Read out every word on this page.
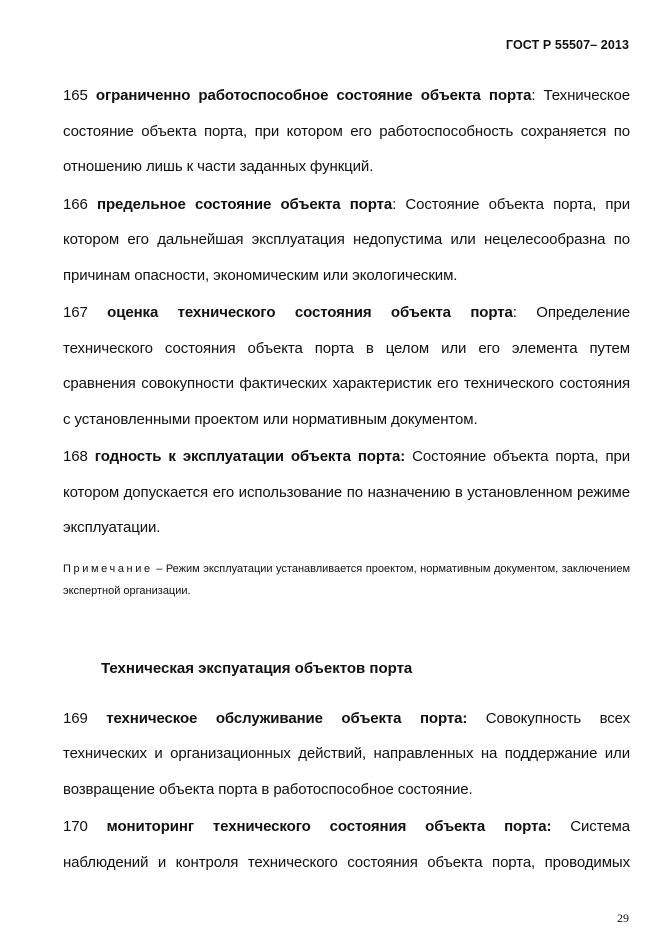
ГОСТ Р 55507– 2013

165 ограниченно работоспособное состояние объекта порта: Техническое состояние объекта порта, при котором его работоспособность сохраняется по отношению лишь к части заданных функций.

166 предельное состояние объекта порта: Состояние объекта порта, при котором его дальнейшая эксплуатация недопустима или нецелесообразна по причинам опасности, экономическим или экологическим.

167 оценка технического состояния объекта порта: Определение технического состояния объекта порта в целом или его элемента путем сравнения совокупности фактических характеристик его технического состояния с установленными проектом или нормативным документом.

168 годность к эксплуатации объекта порта: Состояние объекта порта, при котором допускается его использование по назначению в установленном режиме эксплуатации.

Примечание – Режим эксплуатации устанавливается проектом, нормативным документом, заключением экспертной организации.

Техническая экспуатация объектов порта

169 техническое обслуживание объекта порта: Совокупность всех технических и организационных действий, направленных на поддержание или возвращение объекта порта в работоспособное состояние.

170 мониторинг технического состояния объекта порта: Система наблюдений и контроля технического состояния объекта порта, проводимых

29
